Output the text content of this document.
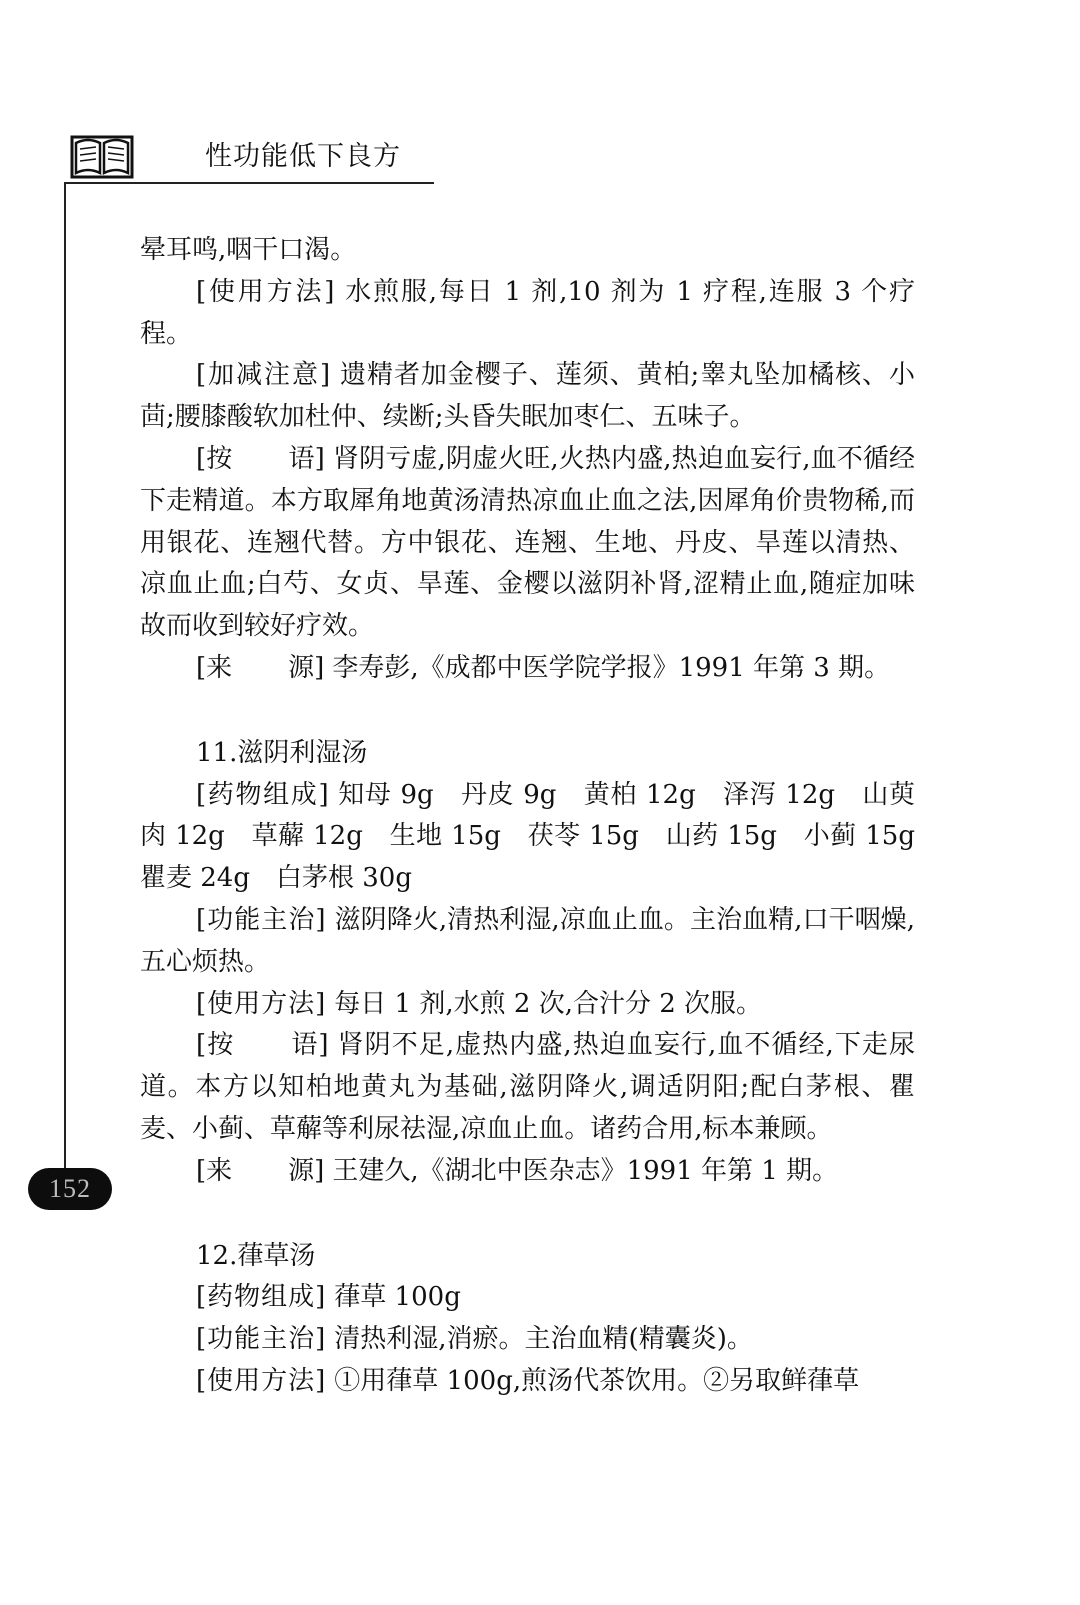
性功能低下良方
152

晕耳鸣,咽干口渴。

[使用方法] 水煎服,每日 1 剂,10 剂为 1 疗程,连服 3 个疗程。

[加减注意] 遗精者加金樱子、莲须、黄柏;睾丸坠加橘核、小茴;腰膝酸软加杜仲、续断;头昏失眠加枣仁、五味子。

[按 语] 肾阴亏虚,阴虚火旺,火热内盛,热迫血妄行,血不循经下走精道。本方取犀角地黄汤清热凉血止血之法,因犀角价贵物稀,而用银花、连翘代替。方中银花、连翘、生地、丹皮、旱莲以清热、凉血止血;白芍、女贞、旱莲、金樱以滋阴补肾,涩精止血,随症加味故而收到较好疗效。

[来 源] 李寿彭,《成都中医学院学报》1991 年第 3 期。

11.滋阴利湿汤

[药物组成] 知母 9g　丹皮 9g　黄柏 12g　泽泻 12g　山萸肉 12g　草薢 12g　生地 15g　茯苓 15g　山药 15g　小蓟 15g　瞿麦 24g　白茅根 30g

[功能主治] 滋阴降火,清热利湿,凉血止血。主治血精,口干咽燥,五心烦热。

[使用方法] 每日 1 剂,水煎 2 次,合汁分 2 次服。

[按 语] 肾阴不足,虚热内盛,热迫血妄行,血不循经,下走尿道。本方以知柏地黄丸为基础,滋阴降火,调适阴阳;配白茅根、瞿麦、小蓟、草薢等利尿祛湿,凉血止血。诸药合用,标本兼顾。

[来 源] 王建久,《湖北中医杂志》1991 年第 1 期。

12.葎草汤

[药物组成] 葎草 100g

[功能主治] 清热利湿,消瘀。主治血精(精囊炎)。

[使用方法] ①用葎草 100g,煎汤代茶饮用。②另取鲜葎草
